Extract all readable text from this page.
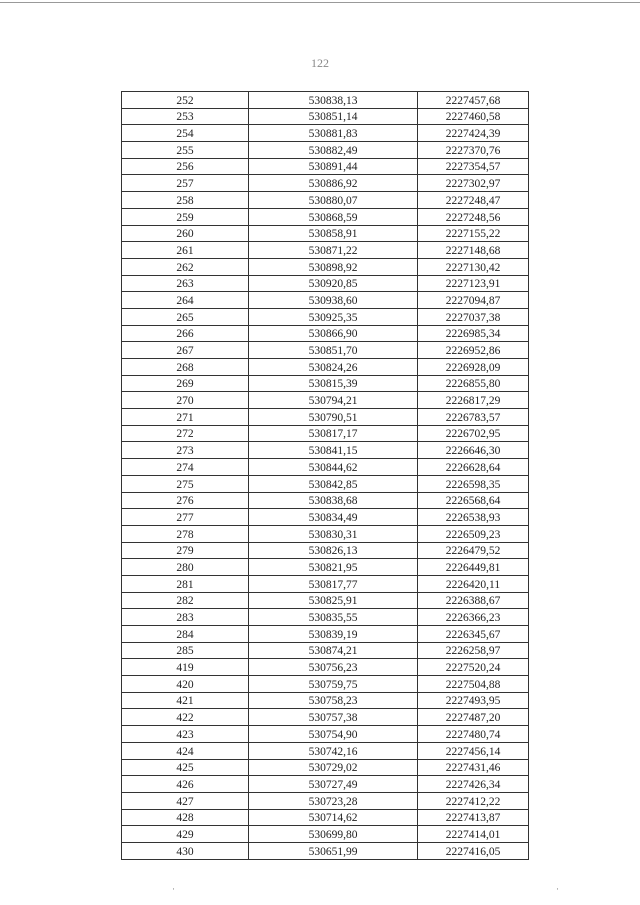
122
252	530838,13	2227457,68
253	530851,14	2227460,58
254	530881,83	2227424,39
255	530882,49	2227370,76
256	530891,44	2227354,57
257	530886,92	2227302,97
258	530880,07	2227248,47
259	530868,59	2227248,56
260	530858,91	2227155,22
261	530871,22	2227148,68
262	530898,92	2227130,42
263	530920,85	2227123,91
264	530938,60	2227094,87
265	530925,35	2227037,38
266	530866,90	2226985,34
267	530851,70	2226952,86
268	530824,26	2226928,09
269	530815,39	2226855,80
270	530794,21	2226817,29
271	530790,51	2226783,57
272	530817,17	2226702,95
273	530841,15	2226646,30
274	530844,62	2226628,64
275	530842,85	2226598,35
276	530838,68	2226568,64
277	530834,49	2226538,93
278	530830,31	2226509,23
279	530826,13	2226479,52
280	530821,95	2226449,81
281	530817,77	2226420,11
282	530825,91	2226388,67
283	530835,55	2226366,23
284	530839,19	2226345,67
285	530874,21	2226258,97
419	530756,23	2227520,24
420	530759,75	2227504,88
421	530758,23	2227493,95
422	530757,38	2227487,20
423	530754,90	2227480,74
424	530742,16	2227456,14
425	530729,02	2227431,46
426	530727,49	2227426,34
427	530723,28	2227412,22
428	530714,62	2227413,87
429	530699,80	2227414,01
430	530651,99	2227416,05
·	·
